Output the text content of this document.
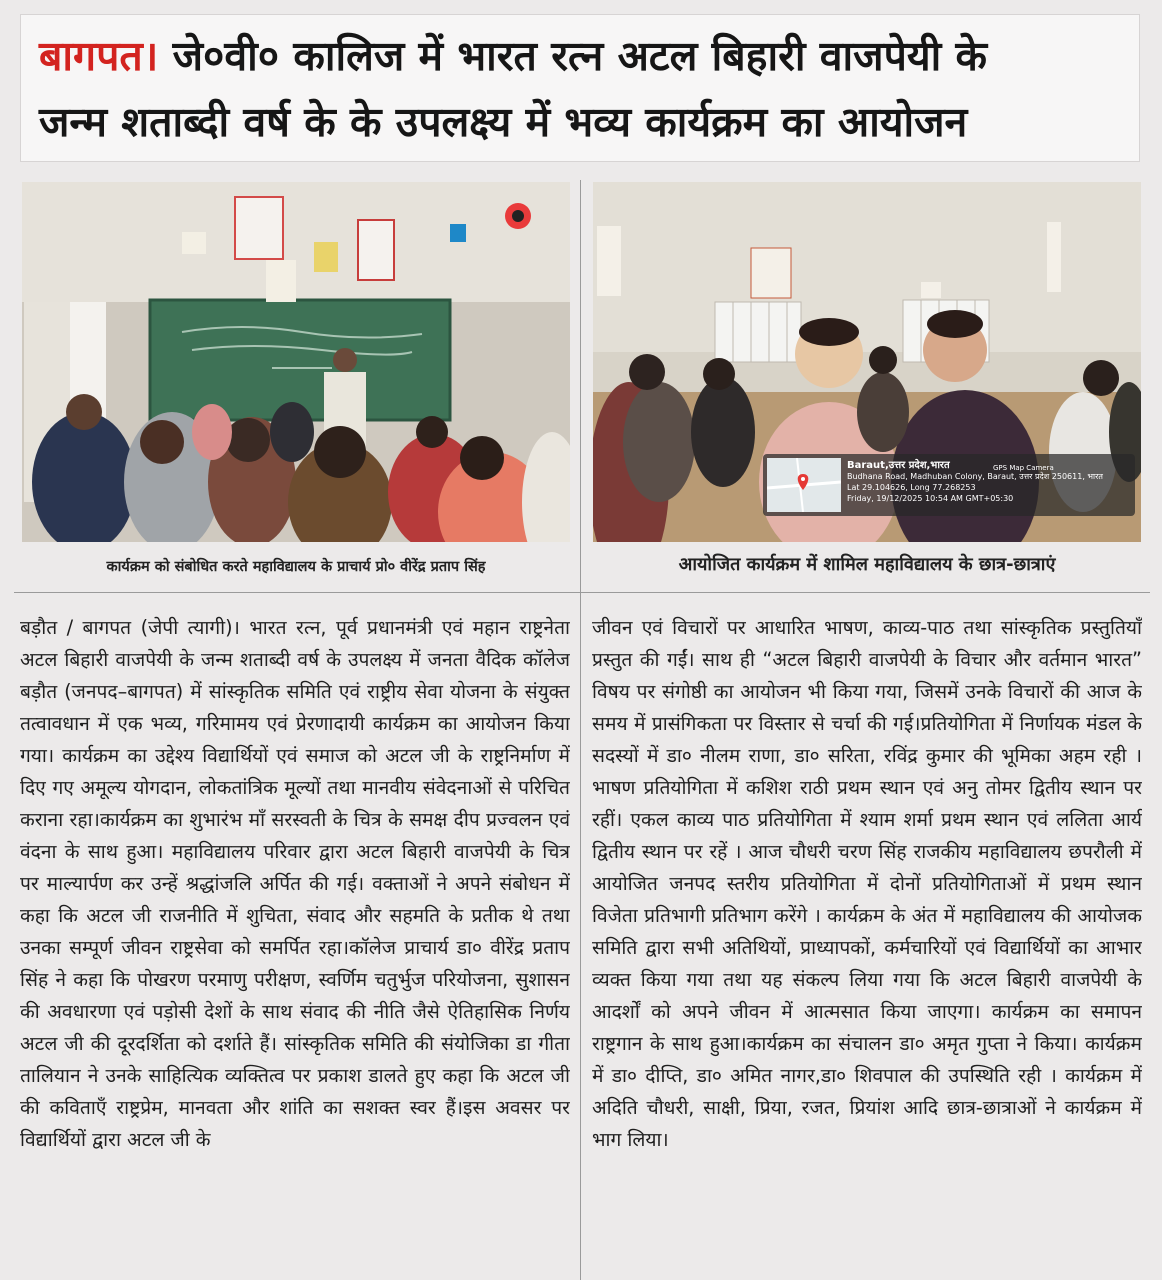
बागपत। जे०वी० कालिज में भारत रत्न अटल बिहारी वाजपेयी के
जन्म शताब्दी वर्ष के के उपलक्ष्य में भव्य कार्यक्रम का आयोजन
Baraut,उत्तर प्रदेश,भारत
Budhana Road, Madhuban Colony, Baraut, उत्तर प्रदेश 250611, भारत
Lat 29.104626, Long 77.268253
Friday, 19/12/2025 10:54 AM GMT+05:30
GPS Map Camera
कार्यक्रम को संबोधित करते महाविद्यालय के प्राचार्य प्रो० वीरेंद्र प्रताप सिंह	आयोजित कार्यक्रम में शामिल महाविद्यालय के छात्र-छात्राएं

बड़ौत / बागपत (जेपी त्यागी)। भारत रत्न, पूर्व प्रधानमंत्री एवं महान राष्ट्रनेता अटल बिहारी वाजपेयी के जन्म शताब्दी वर्ष के उपलक्ष्य में जनता वैदिक कॉलेज बड़ौत (जनपद–बागपत) में सांस्कृतिक समिति एवं राष्ट्रीय सेवा योजना के संयुक्त तत्वावधान में एक भव्य, गरिमामय एवं प्रेरणादायी कार्यक्रम का आयोजन किया गया। कार्यक्रम का उद्देश्य विद्यार्थियों एवं समाज को अटल जी के राष्ट्रनिर्माण में दिए गए अमूल्य योगदान, लोकतांत्रिक मूल्यों तथा मानवीय संवेदनाओं से परिचित कराना रहा।कार्यक्रम का शुभारंभ माँ सरस्वती के चित्र के समक्ष दीप प्रज्वलन एवं वंदना के साथ हुआ। महाविद्यालय परिवार द्वारा अटल बिहारी वाजपेयी के चित्र पर माल्यार्पण कर उन्हें श्रद्धांजलि अर्पित की गई। वक्ताओं ने अपने संबोधन में कहा कि अटल जी राजनीति में शुचिता, संवाद और सहमति के प्रतीक थे तथा उनका सम्पूर्ण जीवन राष्ट्रसेवा को समर्पित रहा।कॉलेज प्राचार्य डा० वीरेंद्र प्रताप सिंह ने कहा कि पोखरण परमाणु परीक्षण, स्वर्णिम चतुर्भुज परियोजना, सुशासन की अवधारणा एवं पड़ोसी देशों के साथ संवाद की नीति जैसे ऐतिहासिक निर्णय अटल जी की दूरदर्शिता को दर्शाते हैं। सांस्कृतिक समिति की संयोजिका डा गीता तालियान ने उनके साहित्यिक व्यक्तित्व पर प्रकाश डालते हुए कहा कि अटल जी की कविताएँ राष्ट्रप्रेम, मानवता और शांति का सशक्त स्वर हैं।इस अवसर पर विद्यार्थियों द्वारा अटल जी के

जीवन एवं विचारों पर आधारित भाषण, काव्य-पाठ तथा सांस्कृतिक प्रस्तुतियाँ प्रस्तुत की गईं। साथ ही “अटल बिहारी वाजपेयी के विचार और वर्तमान भारत” विषय पर संगोष्ठी का आयोजन भी किया गया, जिसमें उनके विचारों की आज के समय में प्रासंगिकता पर विस्तार से चर्चा की गई।प्रतियोगिता में निर्णायक मंडल के सदस्यों में डा० नीलम राणा, डा० सरिता, रविंद्र कुमार की भूमिका अहम रही । भाषण प्रतियोगिता में कशिश राठी प्रथम स्थान एवं अनु तोमर द्वितीय स्थान पर रहीं। एकल काव्य पाठ प्रतियोगिता में श्याम शर्मा प्रथम स्थान एवं ललिता आर्य द्वितीय स्थान पर रहें । आज चौधरी चरण सिंह राजकीय महाविद्यालय छपरौली में आयोजित जनपद स्तरीय प्रतियोगिता में दोनों प्रतियोगिताओं में प्रथम स्थान विजेता प्रतिभागी प्रतिभाग करेंगे । कार्यक्रम के अंत में महाविद्यालय की आयोजक समिति द्वारा सभी अतिथियों, प्राध्यापकों, कर्मचारियों एवं विद्यार्थियों का आभार व्यक्त किया गया तथा यह संकल्प लिया गया कि अटल बिहारी वाजपेयी के आदर्शों को अपने जीवन में आत्मसात किया जाएगा। कार्यक्रम का समापन राष्ट्रगान के साथ हुआ।कार्यक्रम का संचालन डा० अमृत गुप्ता ने किया। कार्यक्रम में डा० दीप्ति, डा० अमित नागर,डा० शिवपाल की उपस्थिति रही । कार्यक्रम में अदिति चौधरी, साक्षी, प्रिया, रजत, प्रियांश आदि छात्र-छात्राओं ने कार्यक्रम में भाग लिया।
